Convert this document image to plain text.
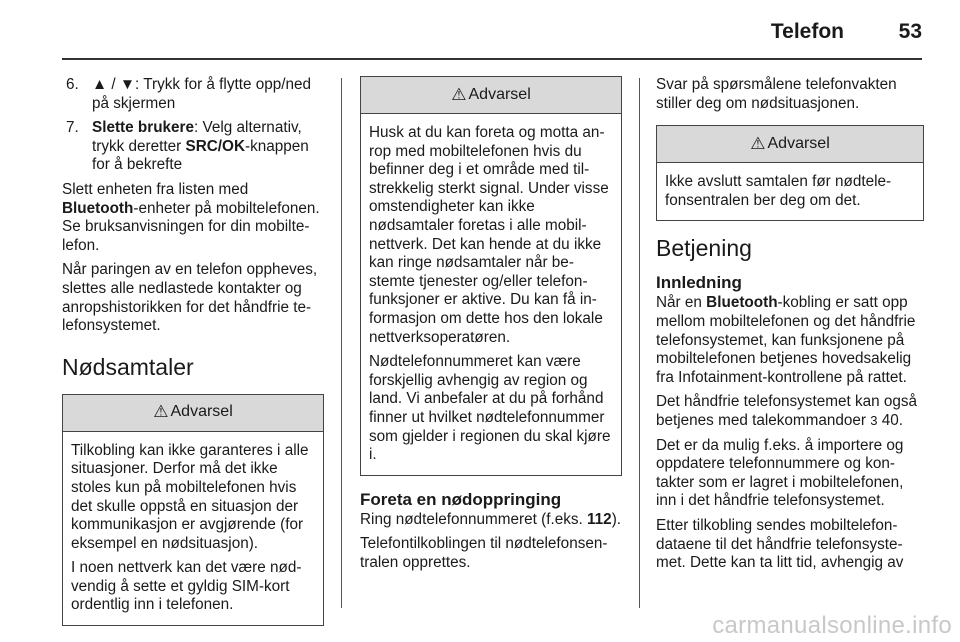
Telefon	53
6. ▲ / ▼: Trykk for å flytte opp/ned på skjermen
7. Slette brukere: Velg alternativ, trykk deretter SRC/OK-knappen for å bekrefte

Slett enheten fra listen med Bluetooth-enheter på mobiltelefonen. Se bruksanvisningen for din mobiltelefon.

Når paringen av en telefon oppheves, slettes alle nedlastede kontakter og anropshistorikken for det håndfrie telefonsystemet.

Nødsamtaler
⚠ Advarsel

Tilkobling kan ikke garanteres i alle situasjoner. Derfor må det ikke stoles kun på mobiltelefonen hvis det skulle oppstå en situasjon der kommunikasjon er avgjørende (for eksempel en nødsituasjon).

I noen nettverk kan det være nødvendig å sette et gyldig SIM-kort ordentlig inn i telefonen.

⚠ Advarsel

Husk at du kan foreta og motta anrop med mobiltelefonen hvis du befinner deg i et område med tilstrekkelig sterkt signal. Under visse omstendigheter kan ikke nødsamtaler foretas i alle mobilnettverk. Det kan hende at du ikke kan ringe nødsamtaler når bestemte tjenester og/eller telefonfunksjoner er aktive. Du kan få informasjon om dette hos den lokale nettverksoperatøren.

Nødtelefonnummeret kan være forskjellig avhengig av region og land. Vi anbefaler at du på forhånd finner ut hvilket nødtelefonnummer som gjelder i regionen du skal kjøre i.

Foreta en nødoppringing

Ring nødtelefonnummeret (f.eks. 112).

Telefontilkoblingen til nødtelefonsentralen opprettes.

Svar på spørsmålene telefonvakten stiller deg om nødsituasjonen.

⚠ Advarsel

Ikke avslutt samtalen før nødtelefonsentralen ber deg om det.

Betjening
Innledning

Når en Bluetooth-kobling er satt opp mellom mobiltelefonen og det håndfrie telefonsystemet, kan funksjonene på mobiltelefonen betjenes hovedsakelig fra Infotainment-kontrollene på rattet.

Det håndfrie telefonsystemet kan også betjenes med talekommandoer 3 40.

Det er da mulig f.eks. å importere og oppdatere telefonnummere og kontakter som er lagret i mobiltelefonen, inn i det håndfrie telefonsystemet.

Etter tilkobling sendes mobiltelefondataene til det håndfrie telefonsystemet. Dette kan ta litt tid, avhengig av

carmanualsonline.info
